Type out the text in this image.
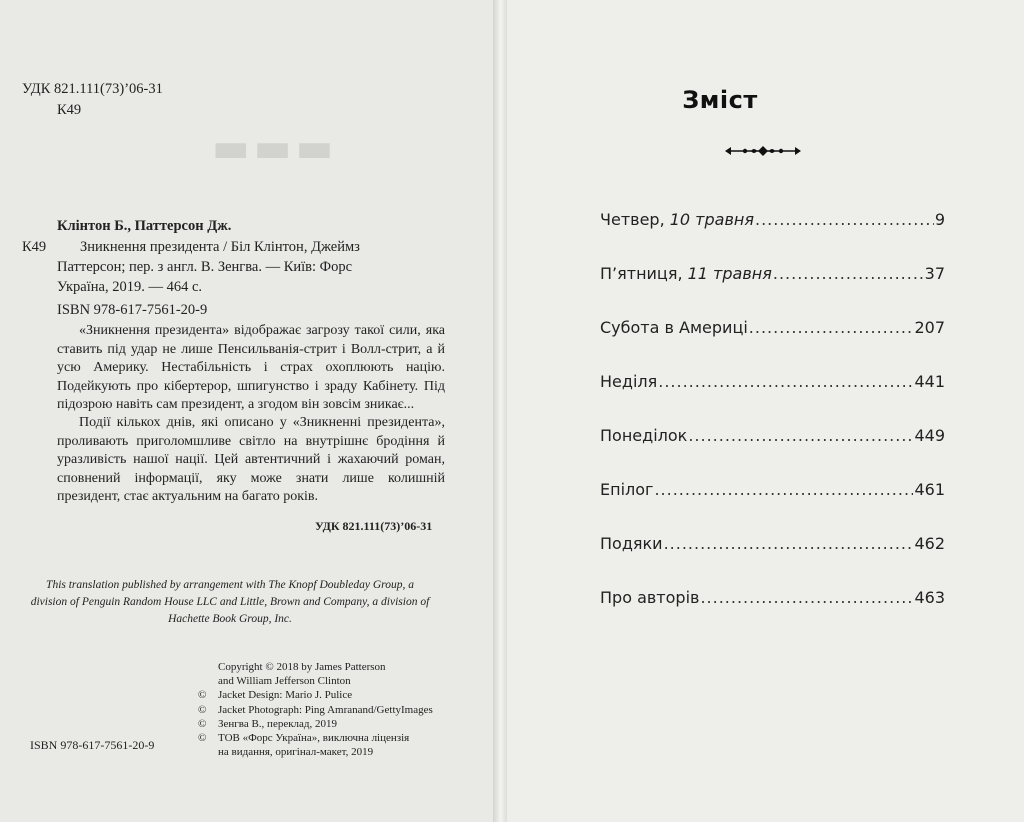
▬▬▬

УДК 821.111(73)’06-31

К49

Клінтон Б., Паттерсон Дж.

К49 Зникнення президента / Біл Клінтон, Джеймз

Паттерсон; пер. з англ. В. Зенгва. — Київ: Форс

Україна, 2019. — 464 с.

ISBN 978-617-7561-20-9

«Зникнення президента» відображає загрозу такої сили, яка ставить під удар не лише Пенсильванія-стрит і Волл-стрит, а й усю Америку. Нестабільність і страх охоплюють націю. Подейкують про кібертерор, шпигунство і зраду Кабінету. Під підозрою навіть сам президент, а згодом він зовсім зникає...

Події кількох днів, які описано у «Зникненні президента», проливають приголомшливе світло на внутрішнє бродіння й уразливість нашої нації. Цей автентичний і жахаючий роман, сповнений інформації, яку може знати лише колишній президент, стає актуальним на багато років.

УДК 821.111(73)’06-31

This translation published by arrangement with The Knopf Doubleday Group, a division of Penguin Random House LLC and Little, Brown and Company, a division of Hachette Book Group, Inc.

Copyright © 2018 by James Patterson
and William Jefferson Clinton
© Jacket Design: Mario J. Pulice
© Jacket Photograph: Ping Amranand/GettyImages
© Зенгва В., переклад, 2019
© ТОВ «Форс Україна», виключна ліцензія
на видання, оригінал-макет, 2019

ISBN 978-617-7561-20-9

Зміст
Четвер, 10 травня .....	9
П’ятниця, 11 травня .....	37
Субота в Америці .....	207
Неділя .....	441
Понеділок .....	449
Епілог .....	461
Подяки .....	462
Про авторів .....	463
